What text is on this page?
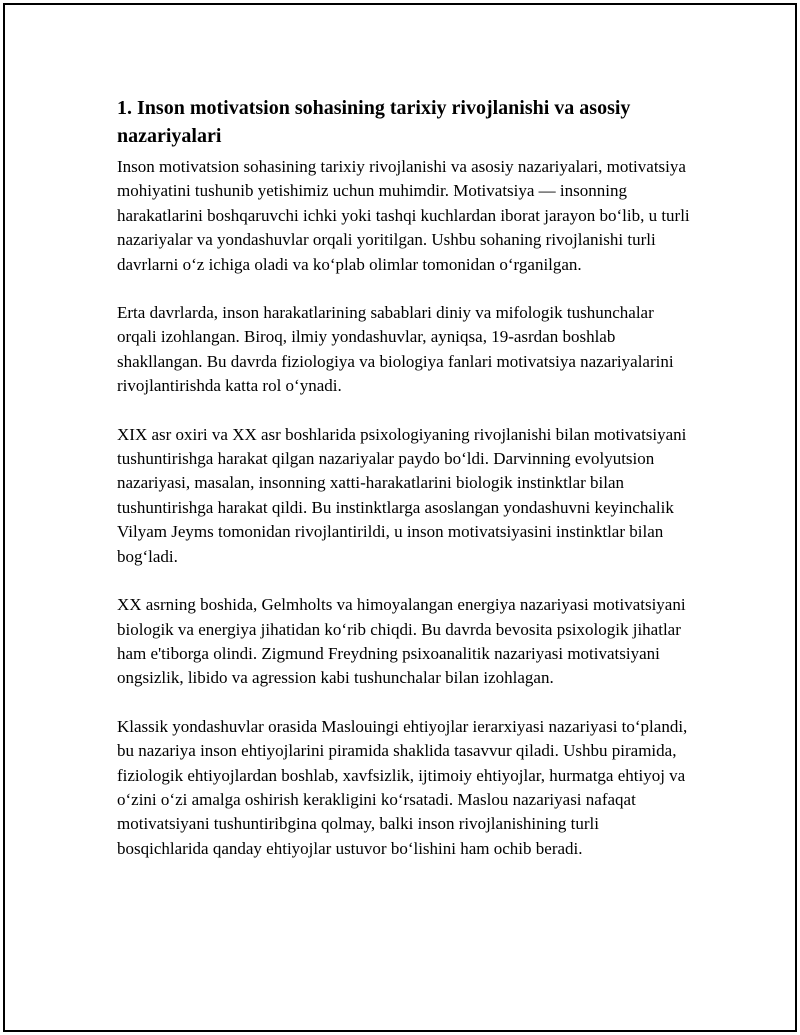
1. Inson motivatsion sohasining tarixiy rivojlanishi va asosiy nazariyalari

Inson motivatsion sohasining tarixiy rivojlanishi va asosiy nazariyalari, motivatsiya mohiyatini tushunib yetishimiz uchun muhimdir. Motivatsiya — insonning harakatlarini boshqaruvchi ichki yoki tashqi kuchlardan iborat jarayon bo‘lib, u turli nazariyalar va yondashuvlar orqali yoritilgan. Ushbu sohaning rivojlanishi turli davrlarni o‘z ichiga oladi va ko‘plab olimlar tomonidan o‘rganilgan.

Erta davrlarda, inson harakatlarining sabablari diniy va mifologik tushunchalar orqali izohlangan. Biroq, ilmiy yondashuvlar, ayniqsa, 19-asrdan boshlab shakllangan. Bu davrda fiziologiya va biologiya fanlari motivatsiya nazariyalarini rivojlantirishda katta rol o‘ynadi.

XIX asr oxiri va XX asr boshlarida psixologiyaning rivojlanishi bilan motivatsiyani tushuntirishga harakat qilgan nazariyalar paydo bo‘ldi. Darvinning evolyutsion nazariyasi, masalan, insonning xatti-harakatlarini biologik instinktlar bilan tushuntirishga harakat qildi. Bu instinktlarga asoslangan yondashuvni keyinchalik Vilyam Jeyms tomonidan rivojlantirildi, u inson motivatsiyasini instinktlar bilan bog‘ladi.

XX asrning boshida, Gelmholts va himoyalangan energiya nazariyasi motivatsiyani biologik va energiya jihatidan ko‘rib chiqdi. Bu davrda bevosita psixologik jihatlar ham e'tiborga olindi. Zigmund Freydning psixoanalitik nazariyasi motivatsiyani ongsizlik, libido va agression kabi tushunchalar bilan izohlagan.

Klassik yondashuvlar orasida Maslouingi ehtiyojlar ierarxiyasi nazariyasi to‘plandi, bu nazariya inson ehtiyojlarini piramida shaklida tasavvur qiladi. Ushbu piramida, fiziologik ehtiyojlardan boshlab, xavfsizlik, ijtimoiy ehtiyojlar, hurmatga ehtiyoj va o‘zini o‘zi amalga oshirish kerakligini ko‘rsatadi. Maslou nazariyasi nafaqat motivatsiyani tushuntiribgina qolmay, balki inson rivojlanishining turli bosqichlarida qanday ehtiyojlar ustuvor bo‘lishini ham ochib beradi.
